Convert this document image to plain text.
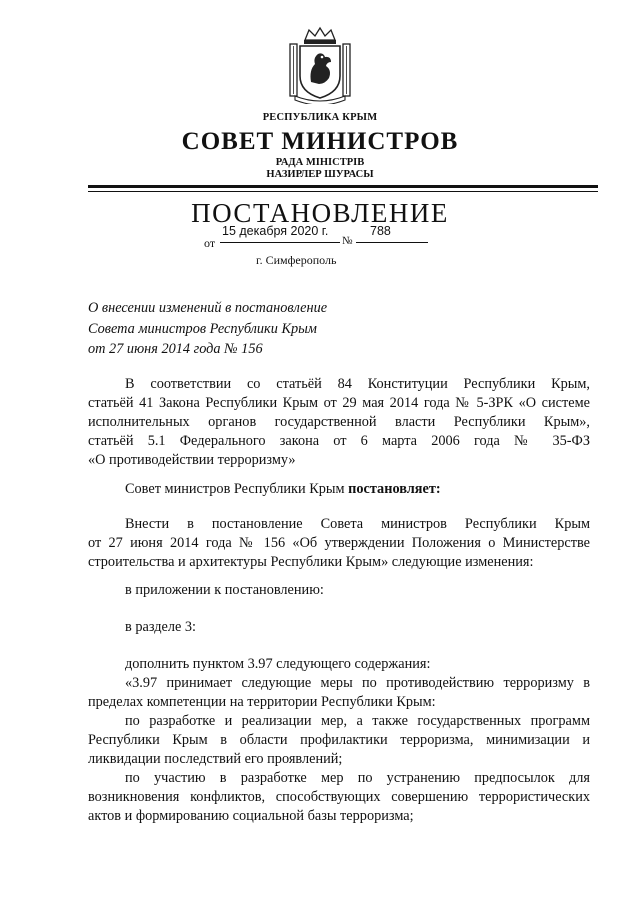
РЕСПУБЛИКА КРЫМ
СОВЕТ МИНИСТРОВ
РАДА МІНІСТРІВ
НАЗИРЛЕР ШУРАСЫ
ПОСТАНОВЛЕНИЕ
15 декабря 2020 г.	788
от	№
г. Симферополь
О внесении изменений в постановление
Совета министров Республики Крым
от 27 июня 2014 года № 156
В соответствии со статьёй 84 Конституции Республики Крым,
статьёй 41 Закона Республики Крым от 29 мая 2014 года № 5-ЗРК «О системе
исполнительных органов государственной власти Республики Крым»,
статьёй 5.1 Федерального закона от 6 марта 2006 года № 35-ФЗ
«О противодействии терроризму»
Совет министров Республики Крым постановляет:
Внести в постановление Совета министров Республики Крым
от 27 июня 2014 года № 156 «Об утверждении Положения о Министерстве
строительства и архитектуры Республики Крым» следующие изменения:
в приложении к постановлению:
в разделе 3:
дополнить пунктом 3.97 следующего содержания:
«3.97 принимает следующие меры по противодействию терроризму в
пределах компетенции на территории Республики Крым:
по разработке и реализации мер, а также государственных программ
Республики Крым в области профилактики терроризма, минимизации и
ликвидации последствий его проявлений;
по участию в разработке мер по устранению предпосылок для
возникновения конфликтов, способствующих совершению террористических
актов и формированию социальной базы терроризма;
